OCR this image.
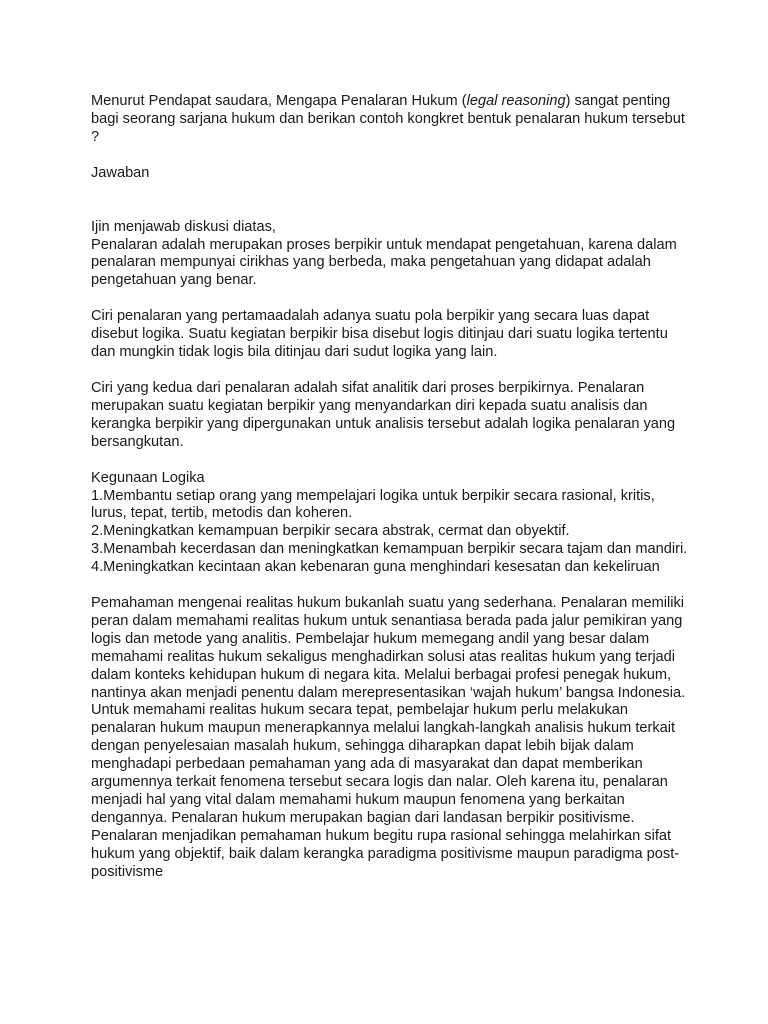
Menurut Pendapat saudara, Mengapa Penalaran Hukum (legal reasoning) sangat penting bagi seorang sarjana hukum dan berikan contoh kongkret bentuk penalaran hukum tersebut ?

Jawaban

Ijin menjawab diskusi diatas,

Penalaran adalah merupakan proses berpikir untuk mendapat pengetahuan, karena dalam penalaran mempunyai cirikhas yang berbeda, maka pengetahuan yang didapat adalah pengetahuan yang benar.

Ciri penalaran yang pertamaadalah adanya suatu pola berpikir yang secara luas dapat disebut logika. Suatu kegiatan berpikir bisa disebut logis ditinjau dari suatu logika tertentu dan mungkin tidak logis bila ditinjau dari sudut logika yang lain.

Ciri yang kedua dari penalaran adalah sifat analitik dari proses berpikirnya. Penalaran merupakan suatu kegiatan berpikir yang menyandarkan diri kepada suatu analisis dan kerangka berpikir yang dipergunakan untuk analisis tersebut adalah logika penalaran yang bersangkutan.

Kegunaan Logika

1.Membantu setiap orang yang mempelajari logika untuk berpikir secara rasional, kritis, lurus, tepat, tertib, metodis dan koheren.

2.Meningkatkan kemampuan berpikir secara abstrak, cermat dan obyektif.

3.Menambah kecerdasan dan meningkatkan kemampuan berpikir secara tajam dan mandiri.

4.Meningkatkan kecintaan akan kebenaran guna menghindari kesesatan dan kekeliruan

Pemahaman mengenai realitas hukum bukanlah suatu yang sederhana. Penalaran memiliki peran dalam memahami realitas hukum untuk senantiasa berada pada jalur pemikiran yang logis dan metode yang analitis. Pembelajar hukum memegang andil yang besar dalam memahami realitas hukum sekaligus menghadirkan solusi atas realitas hukum yang terjadi dalam konteks kehidupan hukum di negara kita. Melalui berbagai profesi penegak hukum, nantinya akan menjadi penentu dalam merepresentasikan ‘wajah hukum’ bangsa Indonesia. Untuk memahami realitas hukum secara tepat, pembelajar hukum perlu melakukan penalaran hukum maupun menerapkannya melalui langkah-langkah analisis hukum terkait dengan penyelesaian masalah hukum, sehingga diharapkan dapat lebih bijak dalam menghadapi perbedaan pemahaman yang ada di masyarakat dan dapat memberikan argumennya terkait fenomena tersebut secara logis dan nalar. Oleh karena itu, penalaran menjadi hal yang vital dalam memahami hukum maupun fenomena yang berkaitan dengannya. Penalaran hukum merupakan bagian dari landasan berpikir positivisme. Penalaran menjadikan pemahaman hukum begitu rupa rasional sehingga melahirkan sifat hukum yang objektif, baik dalam kerangka paradigma positivisme maupun paradigma post-positivisme
